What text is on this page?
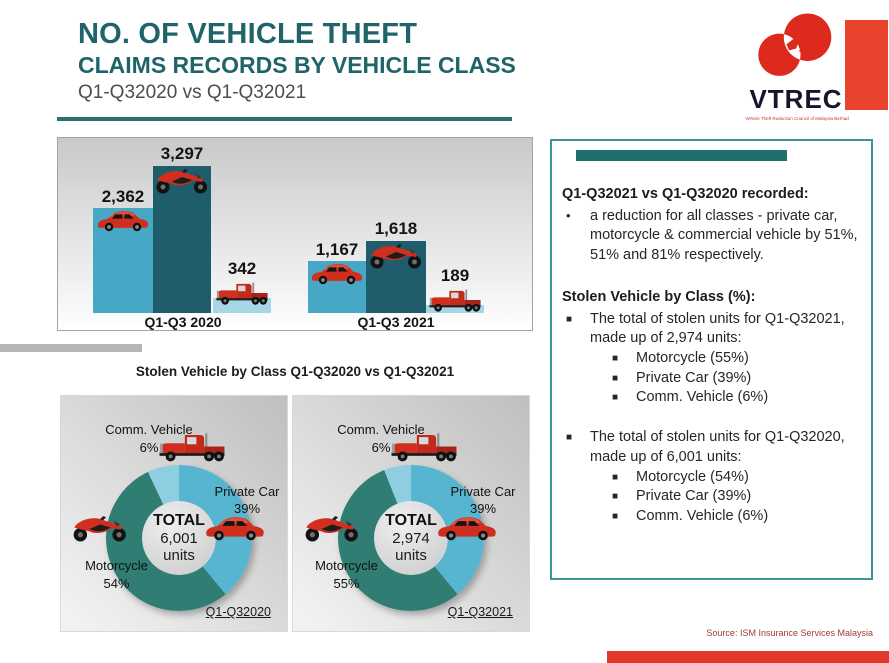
NO. OF VEHICLE THEFT
CLAIMS RECORDS BY VEHICLE CLASS
Q1-Q32020 vs Q1-Q32021	VTREC
Vehicle Theft Reduction Council of Malaysia Berhad
2,362
3,297
342
1,167
1,618
189
Q1-Q3 2020	Q1-Q3 2021
Stolen Vehicle by Class Q1-Q32020 vs Q1-Q32021
TOTAL
6,001
units
Comm. Vehicle
6%
Private Car
39%
Motorcycle
54%
Q1-Q32020
TOTAL
2,974
units
Comm. Vehicle
6%
Private Car
39%
Motorcycle
55%
Q1-Q32021
Q1-Q32021 vs Q1-Q32020 recorded:
•	a reduction for all classes - private car, motorcycle & commercial vehicle by 51%, 51% and 81% respectively.
Stolen Vehicle by Class (%):
■	The total of stolen units for Q1-Q32021, made up of 2,974 units:
■	Motorcycle (55%)
■	Private Car (39%)
■	Comm. Vehicle (6%)
■	The total of stolen units for Q1-Q32020, made up of 6,001 units:
■	Motorcycle (54%)
■	Private Car (39%)
■	Comm. Vehicle (6%)
Source: ISM Insurance Services Malaysia
